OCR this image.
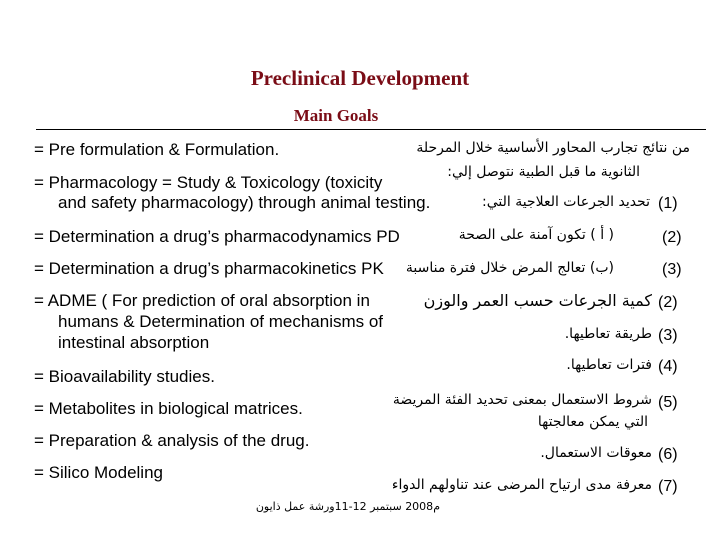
Preclinical Development
Main Goals
= Pre formulation & Formulation.
= Pharmacology = Study & Toxicology (toxicity
and safety pharmacology) through animal testing.
= Determination a drug’s pharmacodynamics PD
= Determination a drug’s pharmacokinetics PK
= ADME ( For prediction of oral absorption in
humans & Determination of mechanisms of
intestinal absorption
= Bioavailability studies.
= Metabolites in biological matrices.
= Preparation & analysis of the drug.
= Silico Modeling
من نتائج تجارب المحاور الأساسية خلال المرحلة
الثانوية ما قبل الطبية نتوصل إلي:
(1)
تحديد الجرعات العلاجية التي:
(2)
( أ ) تكون آمنة على الصحة
(3)
(ب) تعالج المرض خلال فترة مناسبة
(2)
كمية الجرعات حسب العمر والوزن
(3)
طريقة تعاطيها.
(4)
فترات تعاطيها.
(5)
شروط الاستعمال بمعنى تحديد الفئة المريضة
التي يمكن معالجتها
(6)
معوقات الاستعمال.
(7)
معرفة مدى ارتياح المرضى عند تناولهم الدواء
م2008 سبتمبر 12-11ورشة عمل ذايون
